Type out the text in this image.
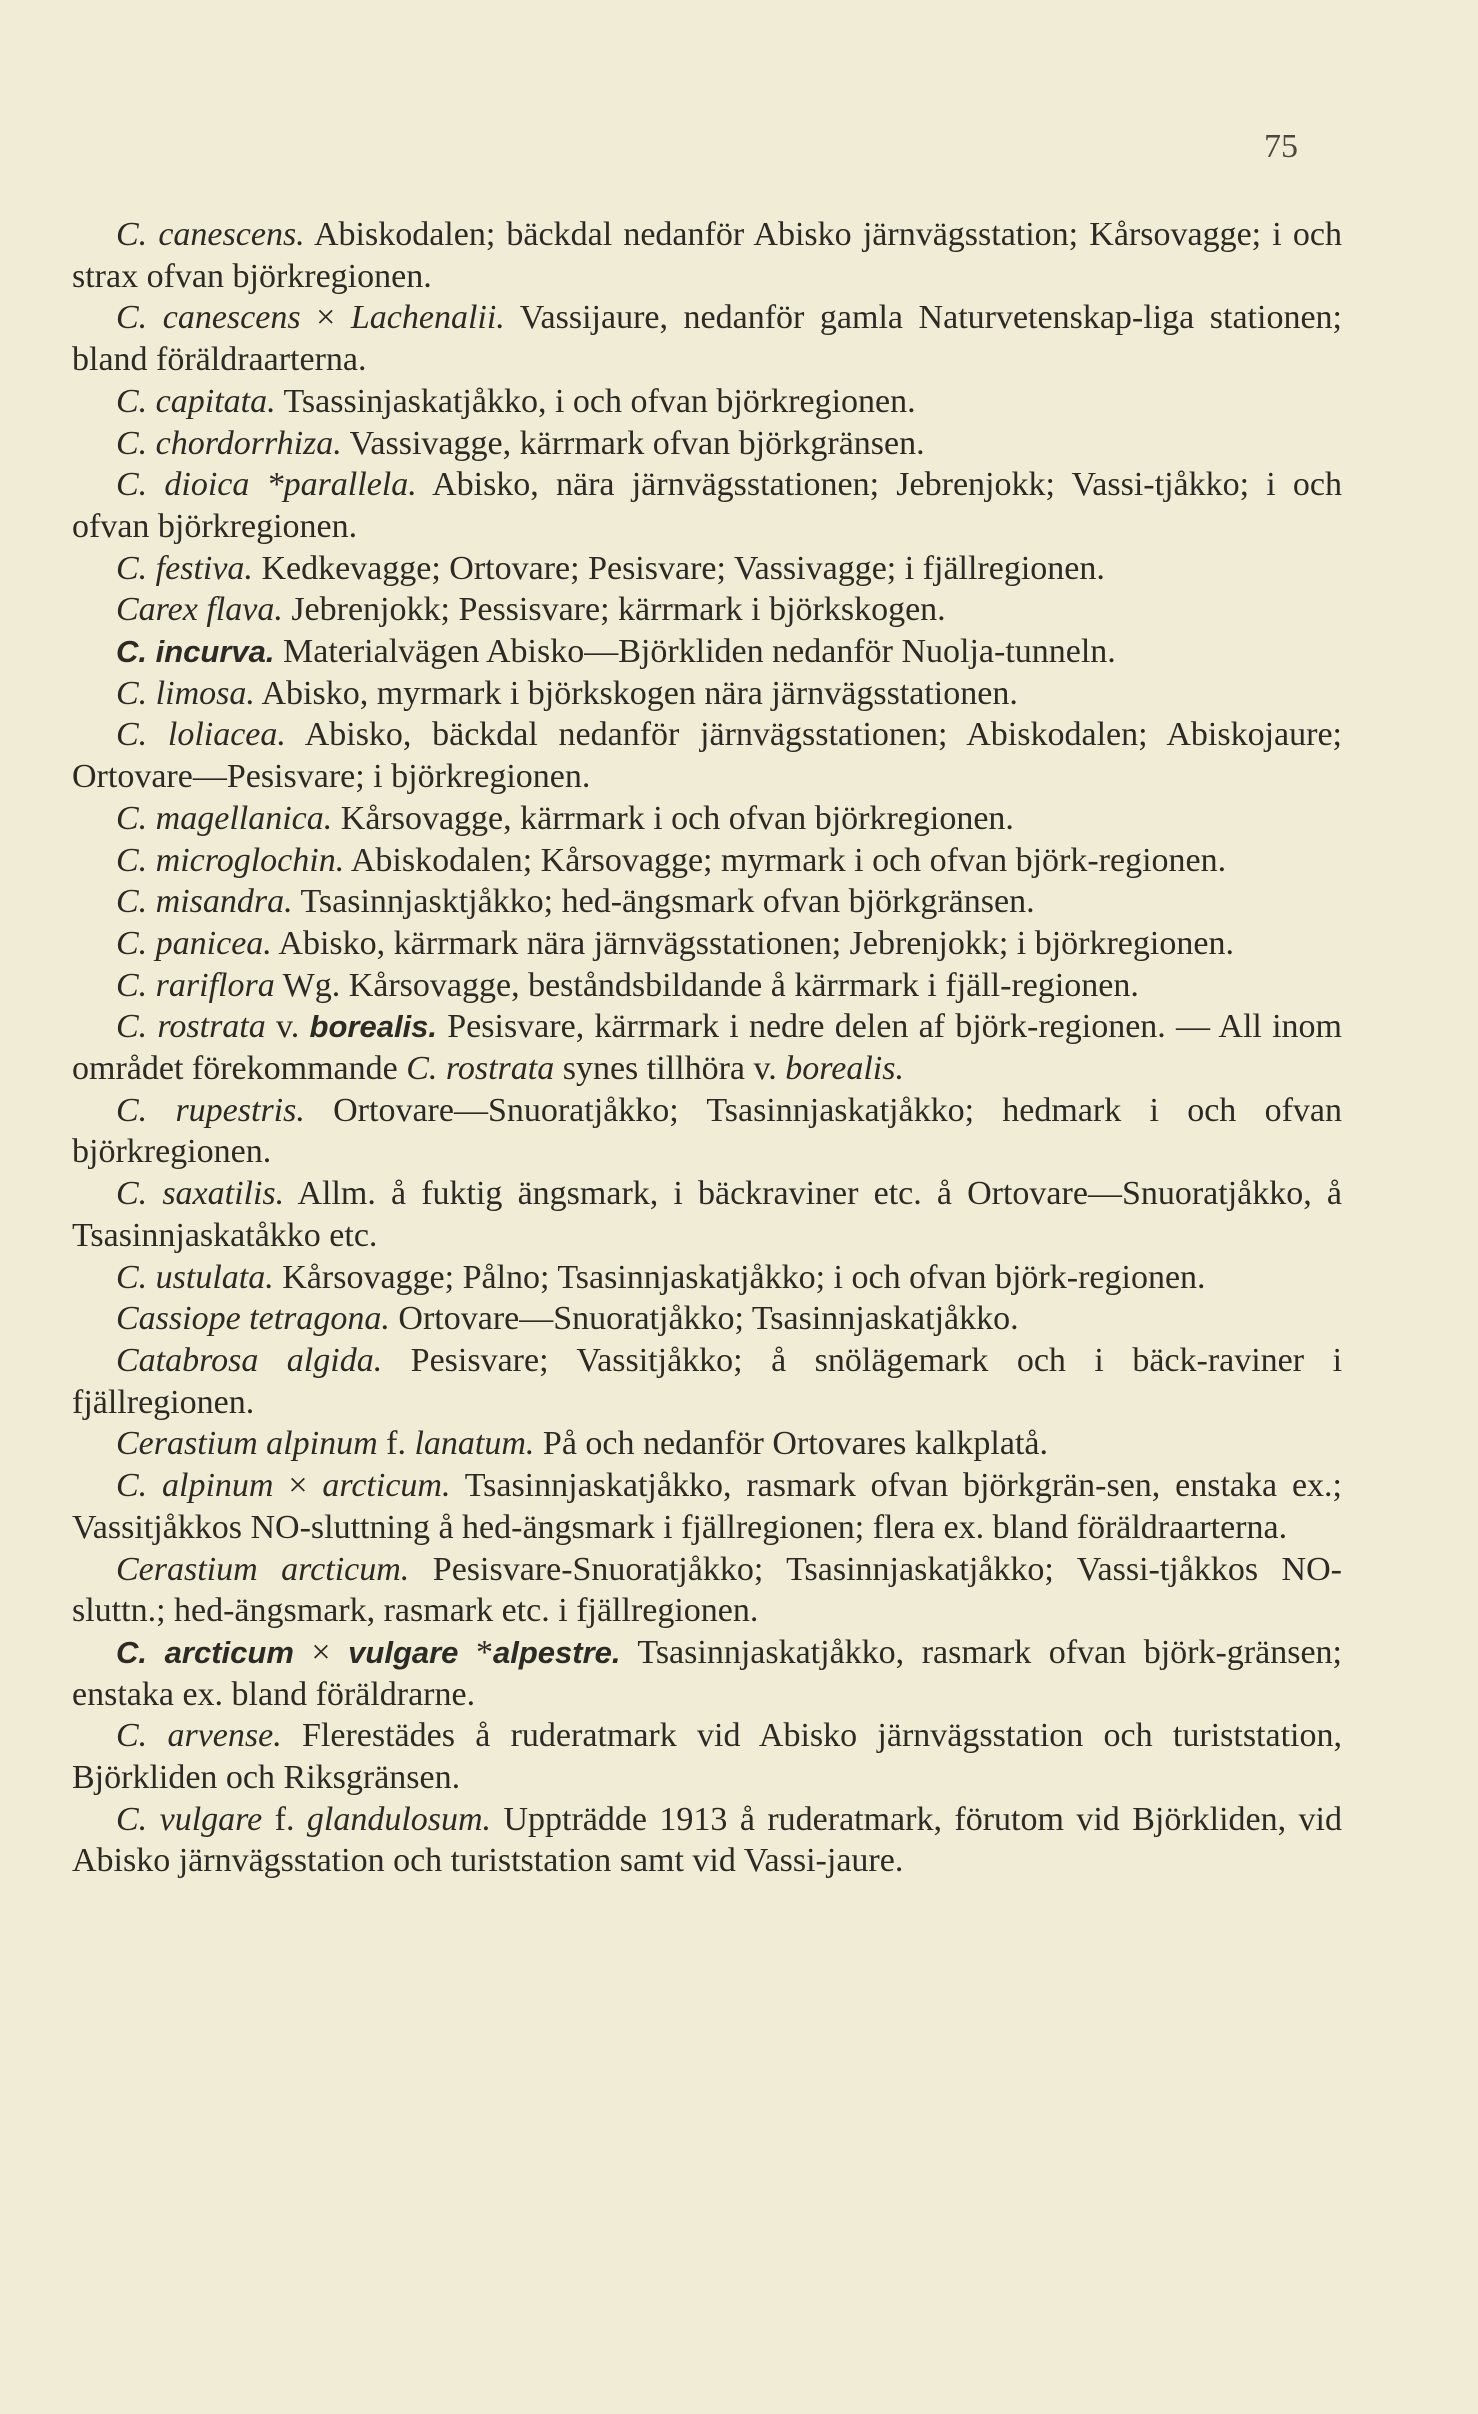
75

C. canescens. Abiskodalen; bäckdal nedanför Abisko järnvägsstation; Kårsovagge; i och strax ofvan björkregionen.

C. canescens × Lachenalii. Vassijaure, nedanför gamla Naturvetenskap-liga stationen; bland föräldraarterna.

C. capitata. Tsassinjaskatjåkko, i och ofvan björkregionen.

C. chordorrhiza. Vassivagge, kärrmark ofvan björkgränsen.

C. dioica *parallela. Abisko, nära järnvägsstationen; Jebrenjokk; Vassi-tjåkko; i och ofvan björkregionen.

C. festiva. Kedkevagge; Ortovare; Pesisvare; Vassivagge; i fjällregionen.

Carex flava. Jebrenjokk; Pessisvare; kärrmark i björkskogen.

C. incurva. Materialvägen Abisko—Björkliden nedanför Nuolja-tunneln.

C. limosa. Abisko, myrmark i björkskogen nära järnvägsstationen.

C. loliacea. Abisko, bäckdal nedanför järnvägsstationen; Abiskodalen; Abiskojaure; Ortovare—Pesisvare; i björkregionen.

C. magellanica. Kårsovagge, kärrmark i och ofvan björkregionen.

C. microglochin. Abiskodalen; Kårsovagge; myrmark i och ofvan björk-regionen.

C. misandra. Tsasinnjasktjåkko; hed-ängsmark ofvan björkgränsen.

C. panicea. Abisko, kärrmark nära järnvägsstationen; Jebrenjokk; i björkregionen.

C. rariflora Wg. Kårsovagge, beståndsbildande å kärrmark i fjäll-regionen.

C. rostrata v. borealis. Pesisvare, kärrmark i nedre delen af björk-regionen. — All inom området förekommande C. rostrata synes tillhöra v. borealis.

C. rupestris. Ortovare—Snuoratjåkko; Tsasinnjaskatjåkko; hedmark i och ofvan björkregionen.

C. saxatilis. Allm. å fuktig ängsmark, i bäckraviner etc. å Ortovare—Snuoratjåkko, å Tsasinnjaskatåkko etc.

C. ustulata. Kårsovagge; Pålno; Tsasinnjaskatjåkko; i och ofvan björk-regionen.

Cassiope tetragona. Ortovare—Snuoratjåkko; Tsasinnjaskatjåkko.

Catabrosa algida. Pesisvare; Vassitjåkko; å snölägemark och i bäck-raviner i fjällregionen.

Cerastium alpinum f. lanatum. På och nedanför Ortovares kalkplatå.

C. alpinum × arcticum. Tsasinnjaskatjåkko, rasmark ofvan björkgrän-sen, enstaka ex.; Vassitjåkkos NO-sluttning å hed-ängsmark i fjällregionen; flera ex. bland föräldraarterna.

Cerastium arcticum. Pesisvare-Snuoratjåkko; Tsasinnjaskatjåkko; Vassi-tjåkkos NO-sluttn.; hed-ängsmark, rasmark etc. i fjällregionen.

C. arcticum × vulgare *alpestre. Tsasinnjaskatjåkko, rasmark ofvan björk-gränsen; enstaka ex. bland föräldrarne.

C. arvense. Flerestädes å ruderatmark vid Abisko järnvägsstation och turiststation, Björkliden och Riksgränsen.

C. vulgare f. glandulosum. Uppträdde 1913 å ruderatmark, förutom vid Björkliden, vid Abisko järnvägsstation och turiststation samt vid Vassi-jaure.
